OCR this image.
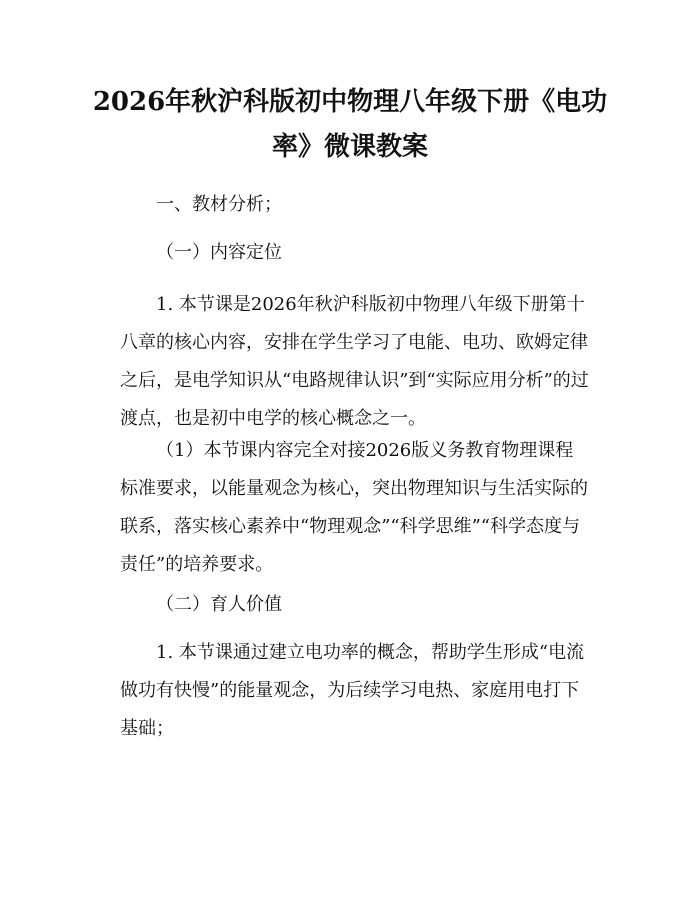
2026年秋沪科版初中物理八年级下册《电功
率》微课教案
一、教材分析；
（一）内容定位
1. 本节课是2026年秋沪科版初中物理八年级下册第十八章的核心内容，安排在学生学习了电能、电功、欧姆定律之后，是电学知识从“电路规律认识”到“实际应用分析”的过渡点，也是初中电学的核心概念之一。
（1）本节课内容完全对接2026版义务教育物理课程标准要求，以能量观念为核心，突出物理知识与生活实际的联系，落实核心素养中“物理观念”“科学思维”“科学态度与责任”的培养要求。
（二）育人价值
1. 本节课通过建立电功率的概念，帮助学生形成“电流做功有快慢”的能量观念，为后续学习电热、家庭用电打下基础；
